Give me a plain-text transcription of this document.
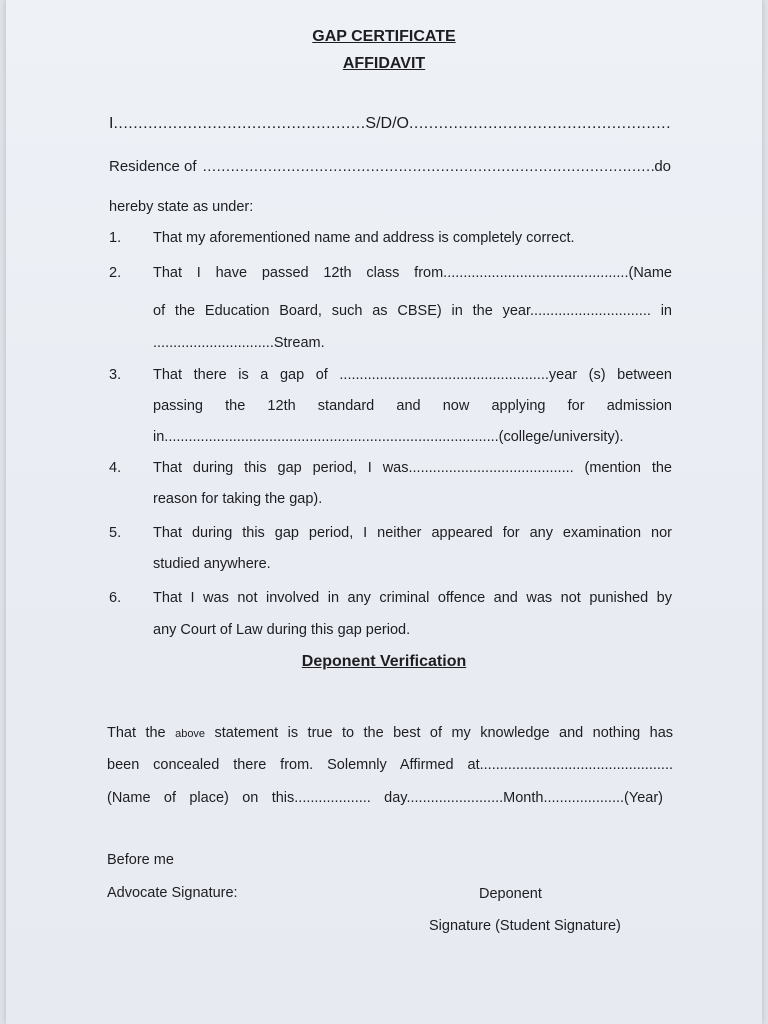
GAP CERTIFICATE
AFFIDAVIT
I .....	S/D/O
.....
Residence of .....	do
hereby state as under:
1. That my aforementioned name and address is completely correct.
2. That I have passed 12th class from..............................................(Name
of the Education Board, such as CBSE) in the year.............................. in
..............................Stream.
3. That there is a gap of ....................................................year (s) between
passing the 12th standard and now applying for admission
in...................................................................................(college/university).
4. That during this gap period, I was......................................... (mention the
reason for taking the gap).
5. That during this gap period, I neither appeared for any examination nor
studied anywhere.
6. That I was not involved in any criminal offence and was not punished by
any Court of Law during this gap period.
Deponent Verification
That the above statement is true to the best of my knowledge and nothing has
been concealed there from. Solemnly Affirmed at................................................
(Name of place) on this................... day........................Month....................(Year)
Before me
Advocate Signature:	Deponent
Signature (Student Signature)
